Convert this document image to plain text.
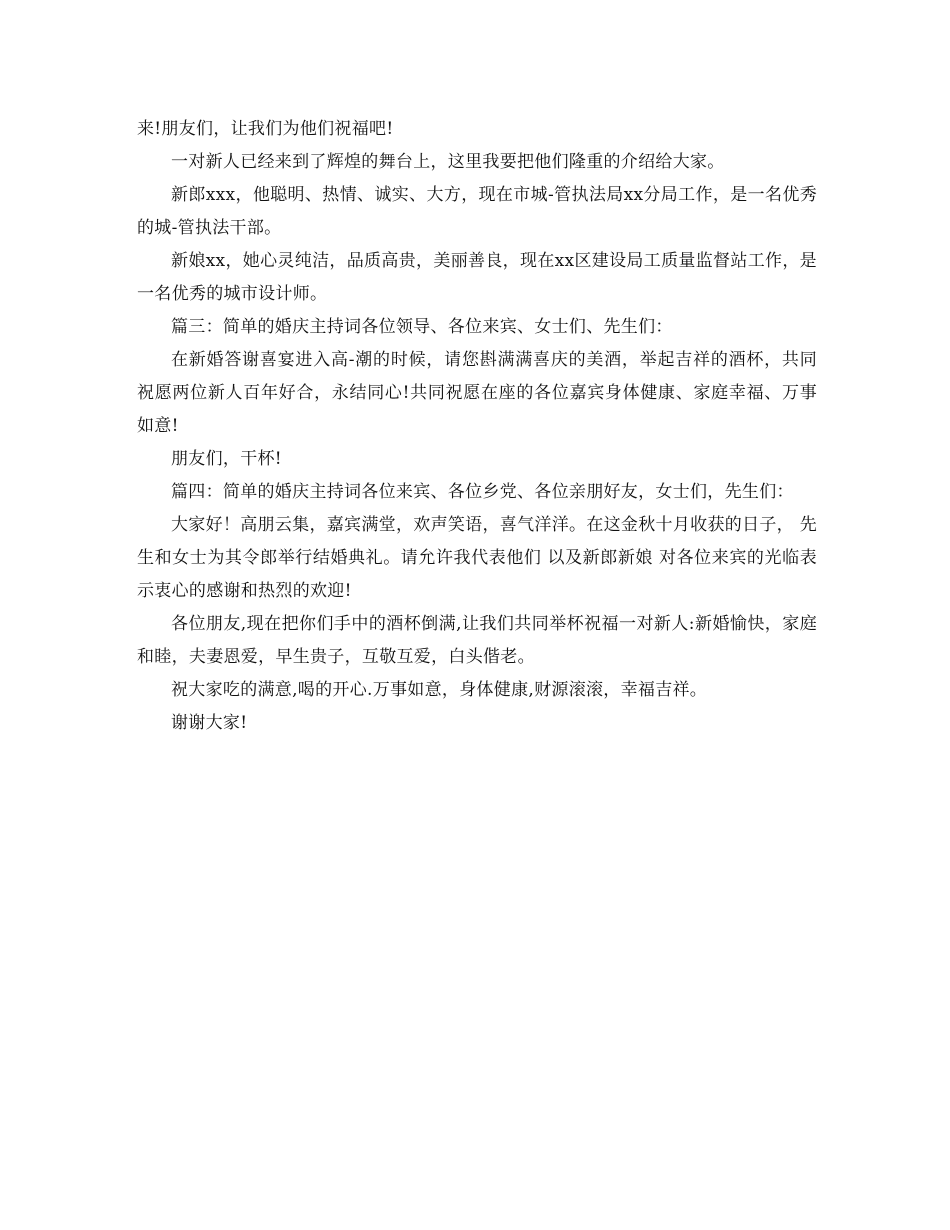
来!朋友们，让我们为他们祝福吧!

一对新人已经来到了辉煌的舞台上，这里我要把他们隆重的介绍给大家。

新郎xxx，他聪明、热情、诚实、大方，现在市城-管执法局xx分局工作，是一名优秀的城-管执法干部。

新娘xx，她心灵纯洁，品质高贵，美丽善良，现在xx区建设局工质量监督站工作，是一名优秀的城市设计师。

篇三：简单的婚庆主持词各位领导、各位来宾、女士们、先生们：

在新婚答谢喜宴进入高-潮的时候，请您斟满满喜庆的美酒，举起吉祥的酒杯，共同祝愿两位新人百年好合，永结同心!共同祝愿在座的各位嘉宾身体健康、家庭幸福、万事如意!

朋友们，干杯!

篇四：简单的婚庆主持词各位来宾、各位乡党、各位亲朋好友，女士们，先生们：

大家好！高朋云集，嘉宾满堂，欢声笑语，喜气洋洋。在这金秋十月收获的日子， 先生和女士为其令郎举行结婚典礼。请允许我代表他们 以及新郎新娘 对各位来宾的光临表示衷心的感谢和热烈的欢迎!

各位朋友,现在把你们手中的酒杯倒满,让我们共同举杯祝福一对新人:新婚愉快，家庭和睦，夫妻恩爱，早生贵子，互敬互爱，白头偕老。

祝大家吃的满意,喝的开心.万事如意，身体健康,财源滚滚，幸福吉祥。

谢谢大家!
